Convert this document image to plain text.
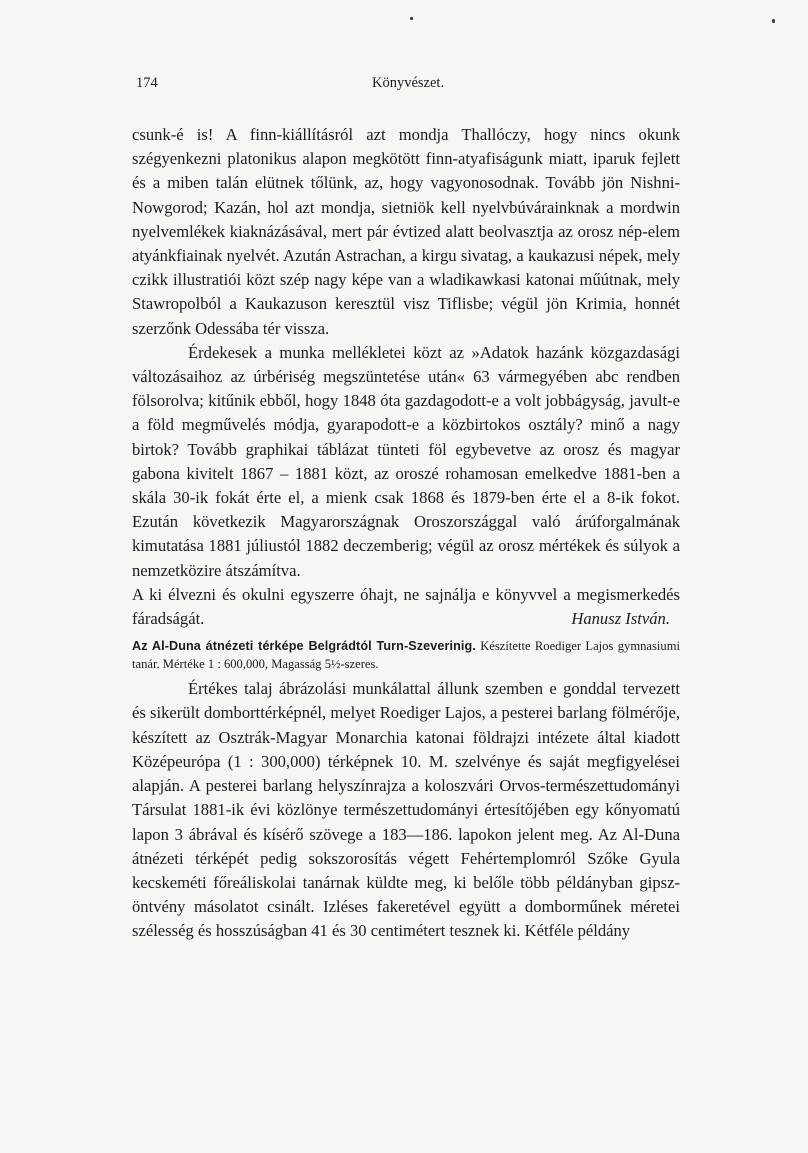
174	Könyvészet.

csunk-é is! A finn-kiállításról azt mondja Thallóczy, hogy nincs okunk szégyenkezni platonikus alapon megkötött finn-atyafiságunk miatt, iparuk fejlett és a miben talán elütnek tőlünk, az, hogy vagyonosodnak. Tovább jön Nishni-Nowgorod; Kazán, hol azt mondja, sietniök kell nyelvbúvárainknak a mordwin nyelvemlékek kiaknázásával, mert pár évtized alatt beolvasztja az orosz nép-elem atyánkfiainak nyelvét. Azután Astrachan, a kirgu sivatag, a kaukazusi népek, mely czikk illustratiói közt szép nagy képe van a wladikawkasi katonai műútnak, mely Stawropolból a Kaukazuson keresztül visz Tiflisbe; végül jön Krimia, honnét szerzőnk Odessába tér vissza.

Érdekesek a munka mellékletei közt az »Adatok hazánk közgazdasági változásaihoz az úrbériség megszüntetése után« 63 vármegyében abc rendben fölsorolva; kitűnik ebből, hogy 1848 óta gazdagodott-e a volt jobbágyság, javult-e a föld megművelés módja, gyarapodott-e a közbirtokos osztály? minő a nagy birtok? Tovább graphikai táblázat tünteti föl egybevetve az orosz és magyar gabona kivitelt 1867 – 1881 közt, az oroszé rohamosan emelkedve 1881-ben a skála 30-ik fokát érte el, a mienk csak 1868 és 1879-ben érte el a 8-ik fokot. Ezután következik Magyarországnak Oroszországgal való árúforgalmának kimutatása 1881 júliustól 1882 deczemberig; végül az orosz mértékek és súlyok a nemzetközire átszámítva.

A ki élvezni és okulni egyszerre óhajt, ne sajnálja e könyvvel a megismerkedés fáradságát.	Hanusz István.

Az Al-Duna átnézeti térképe Belgrádtól Turn-Szeverinig. Készítette Roediger Lajos gymnasiumi tanár. Mértéke 1 : 600,000, Magasság 5½-szeres.

Értékes talaj ábrázolási munkálattal állunk szemben e gonddal tervezett és sikerült domborttérképnél, melyet Roediger Lajos, a pesterei barlang fölmérője, készített az Osztrák-Magyar Monarchia katonai földrajzi intézete által kiadott Középeurópa (1 : 300,000) térképnek 10. M. szelvénye és saját megfigyelései alapján. A pesterei barlang helyszínrajza a koloszvári Orvos-természettudományi Társulat 1881-ik évi közlönye természettudományi értesítőjében egy kőnyomatú lapon 3 ábrával és kísérő szövege a 183—186. lapokon jelent meg. Az Al-Duna átnézeti térképét pedig sokszorosítás végett Fehértemplomról Szőke Gyula kecskeméti főreáliskolai tanárnak küldte meg, ki belőle több példányban gipsz-öntvény másolatot csinált. Izléses fakeretével együtt a domborműnek méretei szélesség és hosszúságban 41 és 30 centimétert tesznek ki. Kétféle példány
